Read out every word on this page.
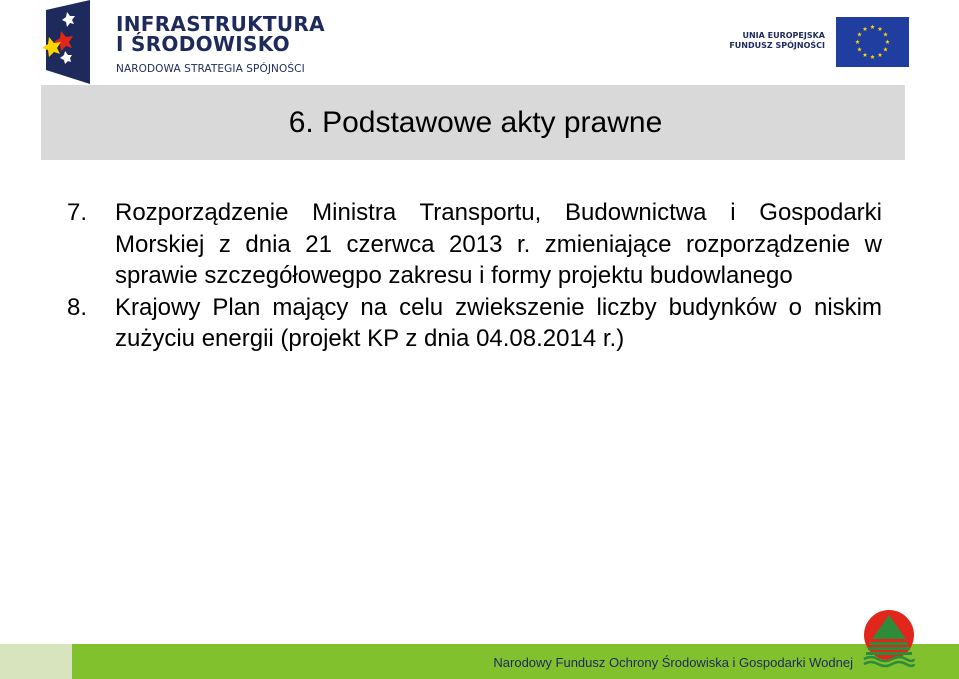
INFRASTRUKTURA
I ŚRODOWISKO
NARODOWA STRATEGIA SPÓJNOŚCI
UNIA EUROPEJSKA
FUNDUSZ SPÓJNOŚCI
6. Podstawowe akty prawne
7. Rozporządzenie Ministra Transportu, Budownictwa i Gospodarki Morskiej z dnia 21 czerwca 2013 r. zmieniające rozporządzenie w sprawie szczegółowegpo zakresu i formy projektu budowlanego
8. Krajowy Plan mający na celu zwiekszenie liczby budynków o niskim zużyciu energii (projekt KP z dnia 04.08.2014 r.)
Narodowy Fundusz Ochrony Środowiska i Gospodarki Wodnej
